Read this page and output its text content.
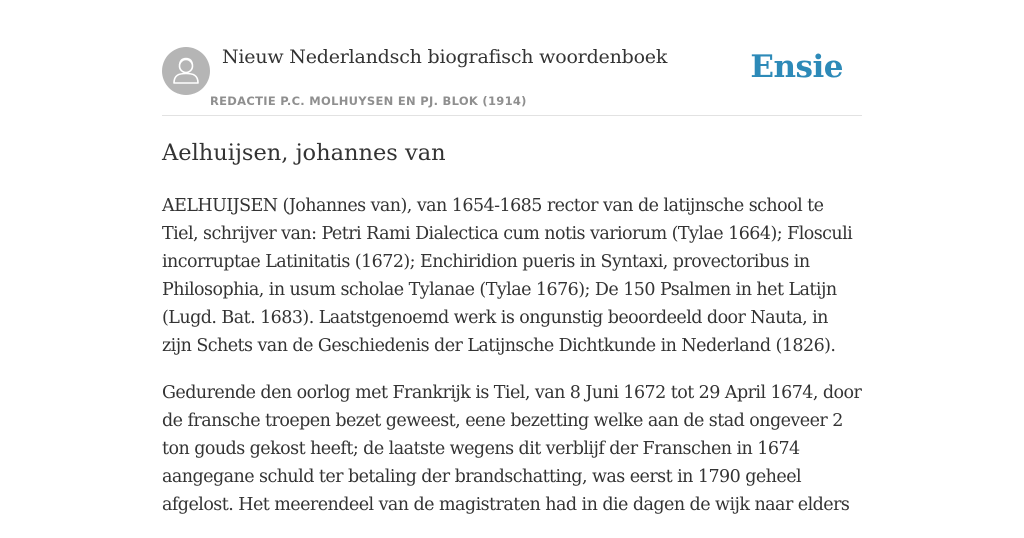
Nieuw Nederlandsch biografisch woordenboek
REDACTIE P.C. MOLHUYSEN EN PJ. BLOK (1914)
Ensie
Aelhuijsen, johannes van

AELHUIJSEN (Johannes van), van 1654-1685 rector van de latijnsche school te Tiel, schrijver van: Petri Rami Dialectica cum notis variorum (Tylae 1664); Flosculi incorruptae Latinitatis (1672); Enchiridion pueris in Syntaxi, provectoribus in Philosophia, in usum scholae Tylanae (Tylae 1676); De 150 Psalmen in het Latijn (Lugd. Bat. 1683). Laatstgenoemd werk is ongunstig beoordeeld door Nauta, in zijn Schets van de Geschiedenis der Latijnsche Dichtkunde in Nederland (1826).

Gedurende den oorlog met Frankrijk is Tiel, van 8 Juni 1672 tot 29 April 1674, door de fransche troepen bezet geweest, eene bezetting welke aan de stad ongeveer 2 ton gouds gekost heeft; de laatste wegens dit verblijf der Franschen in 1674 aangegane schuld ter betaling der brandschatting, was eerst in 1790 geheel afgelost. Het meerendeel van de magistraten had in die dagen de wijk naar elders
